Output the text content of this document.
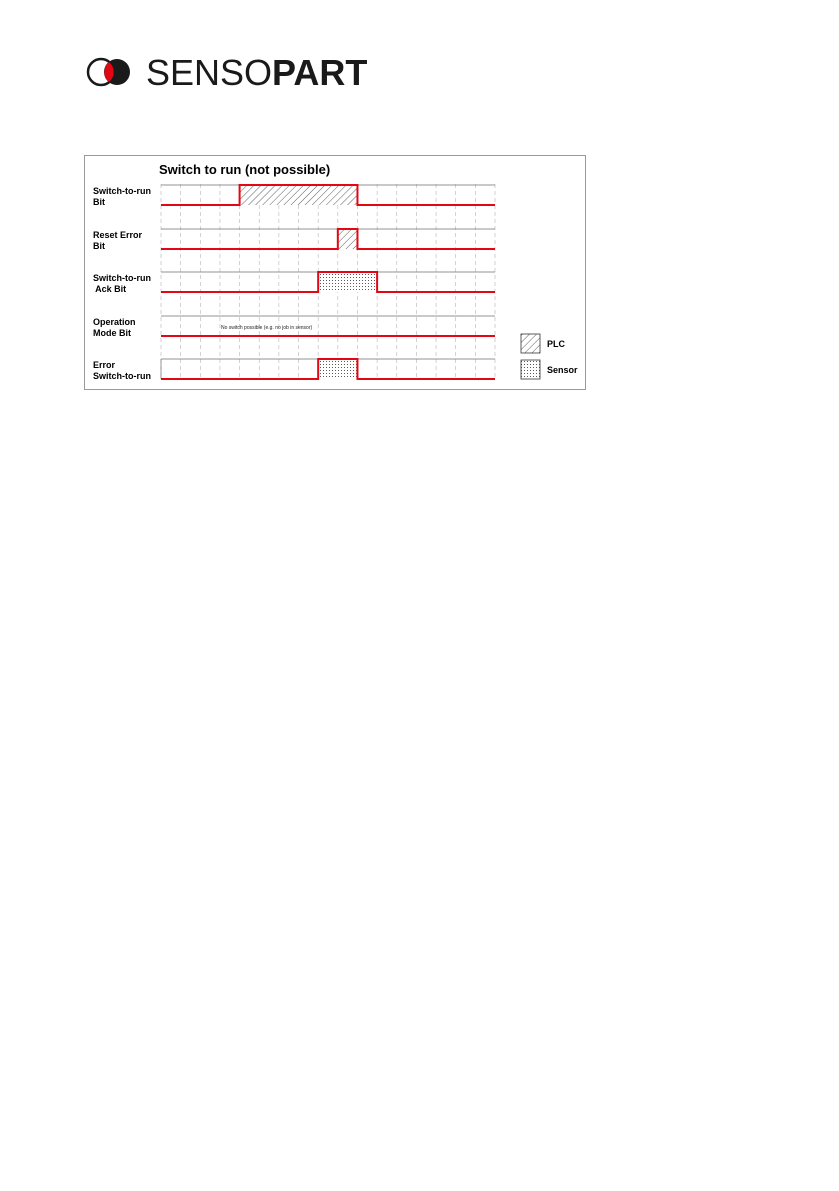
SENSOPART
Switch to run (not possible)
Switch-to-run Bit
Reset Error Bit
Switch-to-run Ack Bit
Operation Mode Bit	No switch possible (e.g. no job in sensor)
Error Switch-to-run
PLC
Sensor
